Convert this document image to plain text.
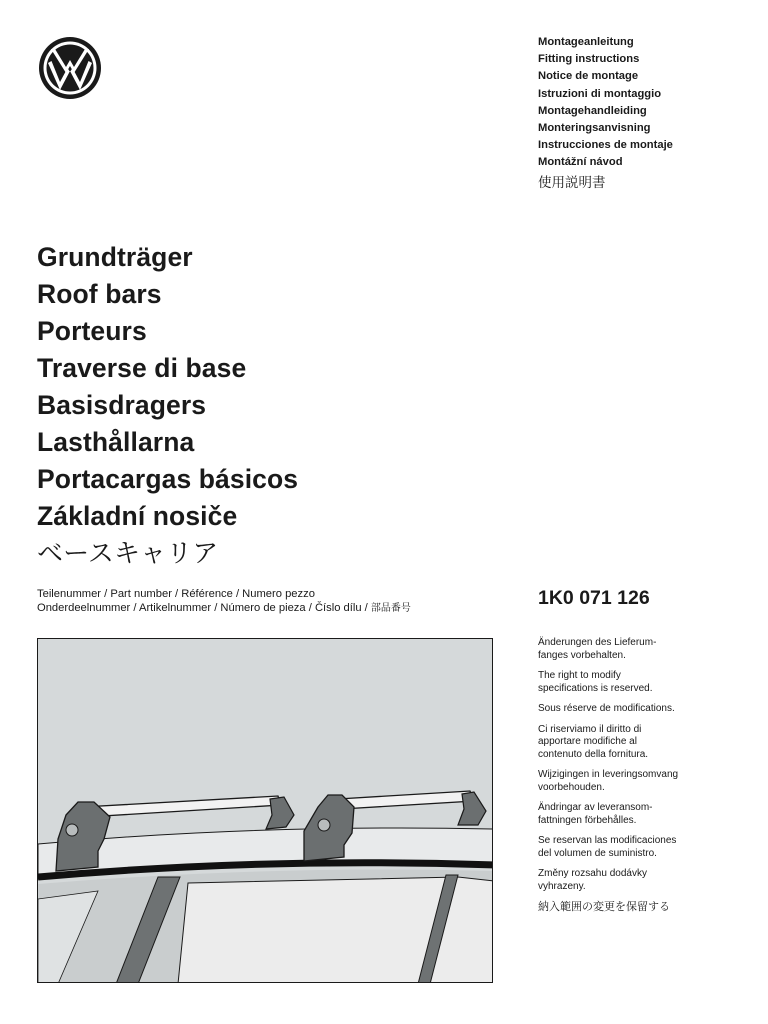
Montageanleitung
Fitting instructions
Notice de montage
Istruzioni di montaggio
Montagehandleiding
Monteringsanvisning
Instrucciones de montaje
Montážní návod
使用説明書
Grundträger
Roof bars
Porteurs
Traverse di base
Basisdragers
Lasthållarna
Portacargas básicos
Základní nosiče
ベースキャリア
Teilenummer / Part number / Référence / Numero pezzo
Onderdeelnummer / Artikelnummer / Número de pieza / Číslo dílu / 部品番号	1K0 071 126

Änderungen des Lieferum-
fanges vorbehalten.

The right to modify
specifications is reserved.

Sous réserve de modifications.

Ci riserviamo il diritto di
apportare modifiche al
contenuto della fornitura.

Wijzigingen in leveringsomvang
voorbehouden.

Ändringar av leveransom-
fattningen förbehålles.

Se reservan las modificaciones
del volumen de suministro.

Změny rozsahu dodávky
vyhrazeny.

納入範囲の変更を保留する
